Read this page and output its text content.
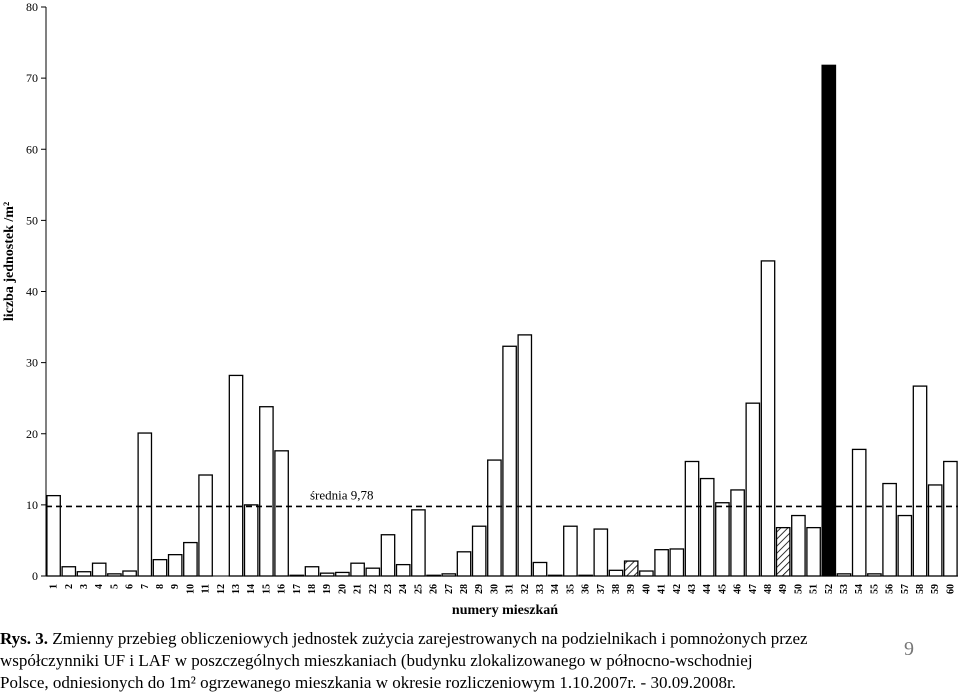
0
10
20
30
40
50
60
70
80
1 2 3 4 5 6 7 8 9 10 11 12 13 14 15 16 17 18 19 20 21 22 23 24 25 26 27 28 29 30 31 32 33 34 35 36 37 38 39 40 41 42 43 44 45 46 47 48 49 50 51 52 53 54 55 56 57 58 59 60
średnia 9,78
liczba jednostek /m²
numery mieszkań
Rys. 3. Zmienny przebieg obliczeniowych jednostek zużycia zarejestrowanych na podzielnikach i pomnożonych przez
współczynniki UF i LAF w poszczególnych mieszkaniach (budynku zlokalizowanego w północno-wschodniej
Polsce, odniesionych do 1m² ogrzewanego mieszkania w okresie rozliczeniowym 1.10.2007r. - 30.09.2008r.
9
